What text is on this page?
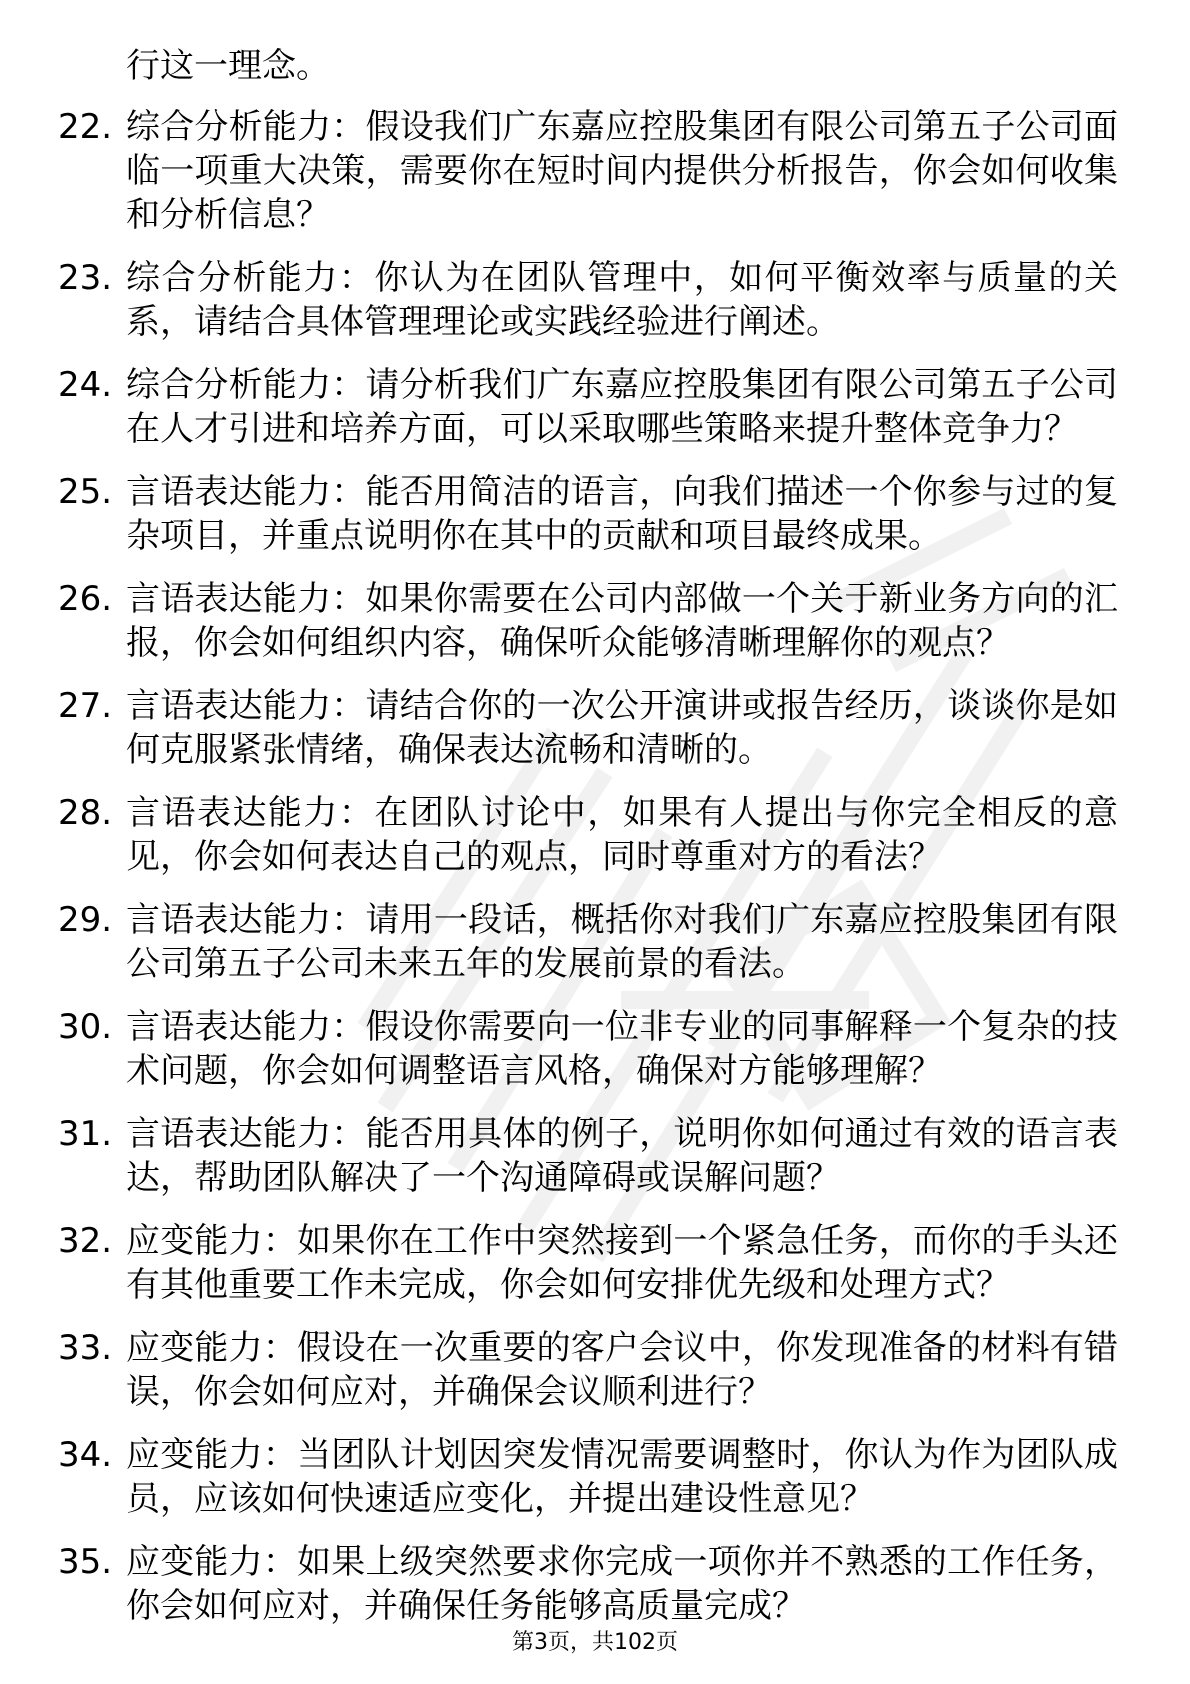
行这一理念。
22. 综合分析能力：假设我们广东嘉应控股集团有限公司第五子公司面临一项重大决策，需要你在短时间内提供分析报告，你会如何收集和分析信息？
23. 综合分析能力：你认为在团队管理中，如何平衡效率与质量的关系，请结合具体管理理论或实践经验进行阐述。
24. 综合分析能力：请分析我们广东嘉应控股集团有限公司第五子公司在人才引进和培养方面，可以采取哪些策略来提升整体竞争力？
25. 言语表达能力：能否用简洁的语言，向我们描述一个你参与过的复杂项目，并重点说明你在其中的贡献和项目最终成果。
26. 言语表达能力：如果你需要在公司内部做一个关于新业务方向的汇报，你会如何组织内容，确保听众能够清晰理解你的观点？
27. 言语表达能力：请结合你的一次公开演讲或报告经历，谈谈你是如何克服紧张情绪，确保表达流畅和清晰的。
28. 言语表达能力：在团队讨论中，如果有人提出与你完全相反的意见，你会如何表达自己的观点，同时尊重对方的看法？
29. 言语表达能力：请用一段话，概括你对我们广东嘉应控股集团有限公司第五子公司未来五年的发展前景的看法。
30. 言语表达能力：假设你需要向一位非专业的同事解释一个复杂的技术问题，你会如何调整语言风格，确保对方能够理解？
31. 言语表达能力：能否用具体的例子，说明你如何通过有效的语言表达，帮助团队解决了一个沟通障碍或误解问题？
32. 应变能力：如果你在工作中突然接到一个紧急任务，而你的手头还有其他重要工作未完成，你会如何安排优先级和处理方式？
33. 应变能力：假设在一次重要的客户会议中，你发现准备的材料有错误，你会如何应对，并确保会议顺利进行？
34. 应变能力：当团队计划因突发情况需要调整时，你认为作为团队成员，应该如何快速适应变化，并提出建设性意见？
35. 应变能力：如果上级突然要求你完成一项你并不熟悉的工作任务，你会如何应对，并确保任务能够高质量完成？
第3页，共102页
